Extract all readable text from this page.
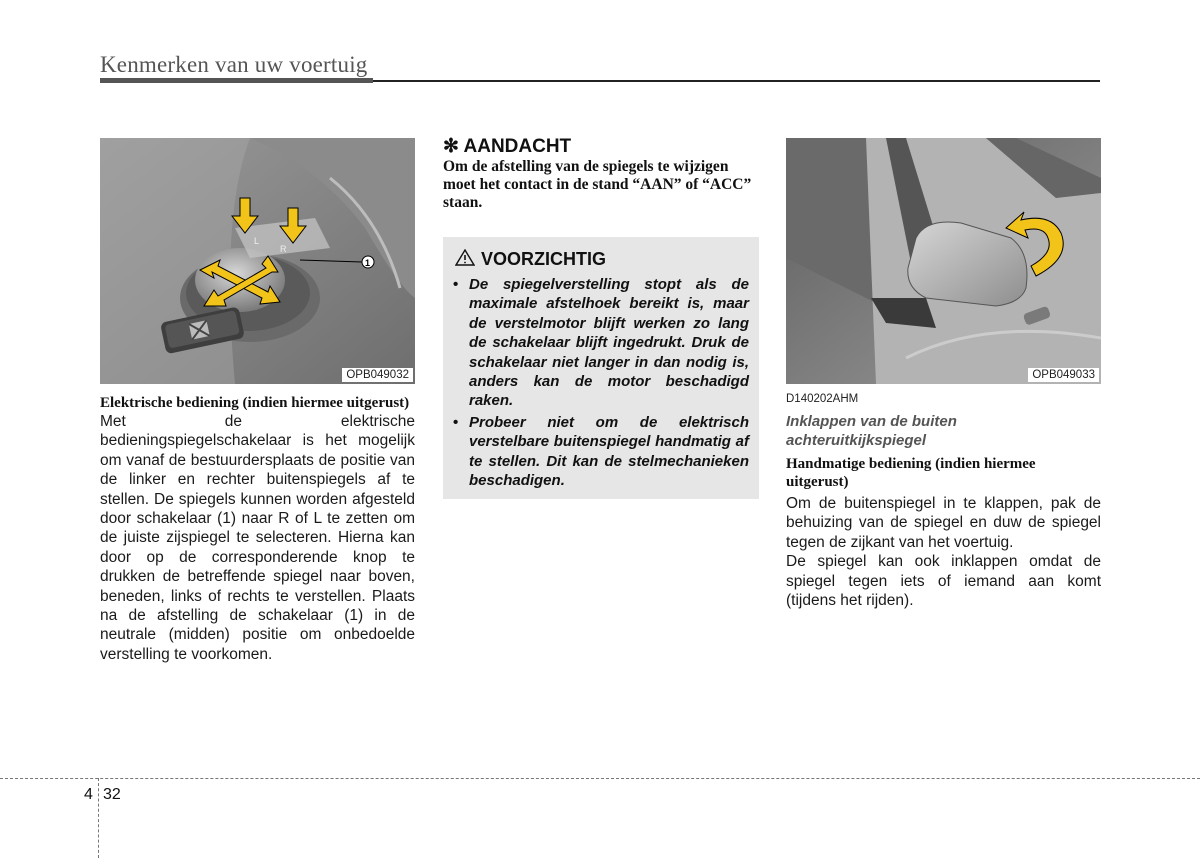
Kenmerken van uw voertuig
L
R
1
OPB049032
Elektrische bediening (indien hiermee uitgerust)
Met de elektrische bedieningspiegelschakelaar is het mogelijk om vanaf de bestuurdersplaats de positie van de linker en rechter buitenspiegels af te stellen. De spiegels kunnen worden afgesteld door schakelaar (1) naar R of L te zetten om de juiste zijspiegel te selecteren. Hierna kan door op de corresponderende knop te drukken de betreffende spiegel naar boven, beneden, links of rechts te verstellen. Plaats na de afstelling de schakelaar (1) in de neutrale (midden) positie om onbedoelde verstelling te voorkomen.
✻ AANDACHT
Om de afstelling van de spiegels te wijzigen moet het contact in de stand “AAN” of “ACC” staan.
VOORZICHTIG
• De spiegelverstelling stopt als de maximale afstelhoek bereikt is, maar de verstelmotor blijft werken zo lang de schakelaar blijft ingedrukt. Druk de schakelaar niet langer in dan nodig is, anders kan de motor beschadigd raken.
• Probeer niet om de elektrisch verstelbare buitenspiegel handmatig af te stellen. Dit kan de stelmechanieken beschadigen.
OPB049033
D140202AHM
Inklappen van de buiten achteruitkijkspiegel
Handmatige bediening (indien hiermee uitgerust)
Om de buitenspiegel in te klappen, pak de behuizing van de spiegel en duw de spiegel tegen de zijkant van het voertuig.
De spiegel kan ook inklappen omdat de spiegel tegen iets of iemand aan komt (tijdens het rijden).
4 32
